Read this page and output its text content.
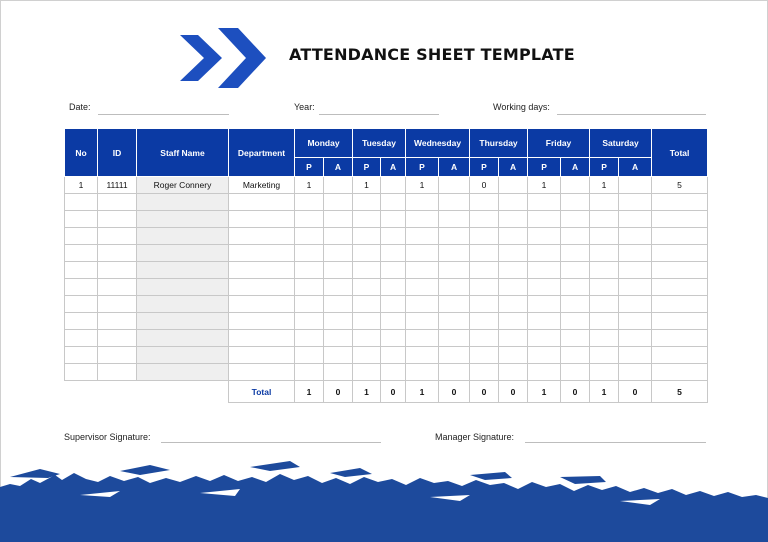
ATTENDANCE SHEET TEMPLATE
Date:	Year:	Working days:
No	ID	Staff Name	Department	Monday		Tuesday		Wednesday		Thursday		Friday		Saturday		Total
				P	A	P	A	P	A	P	A	P	A	P	A	
1	11111	Roger Connery	Marketing	1		1		1		0		1		1		5

			Total	1	0	1	0	1	0	0	0	1	0	1	0	5
Supervisor Signature:	Manager Signature:
